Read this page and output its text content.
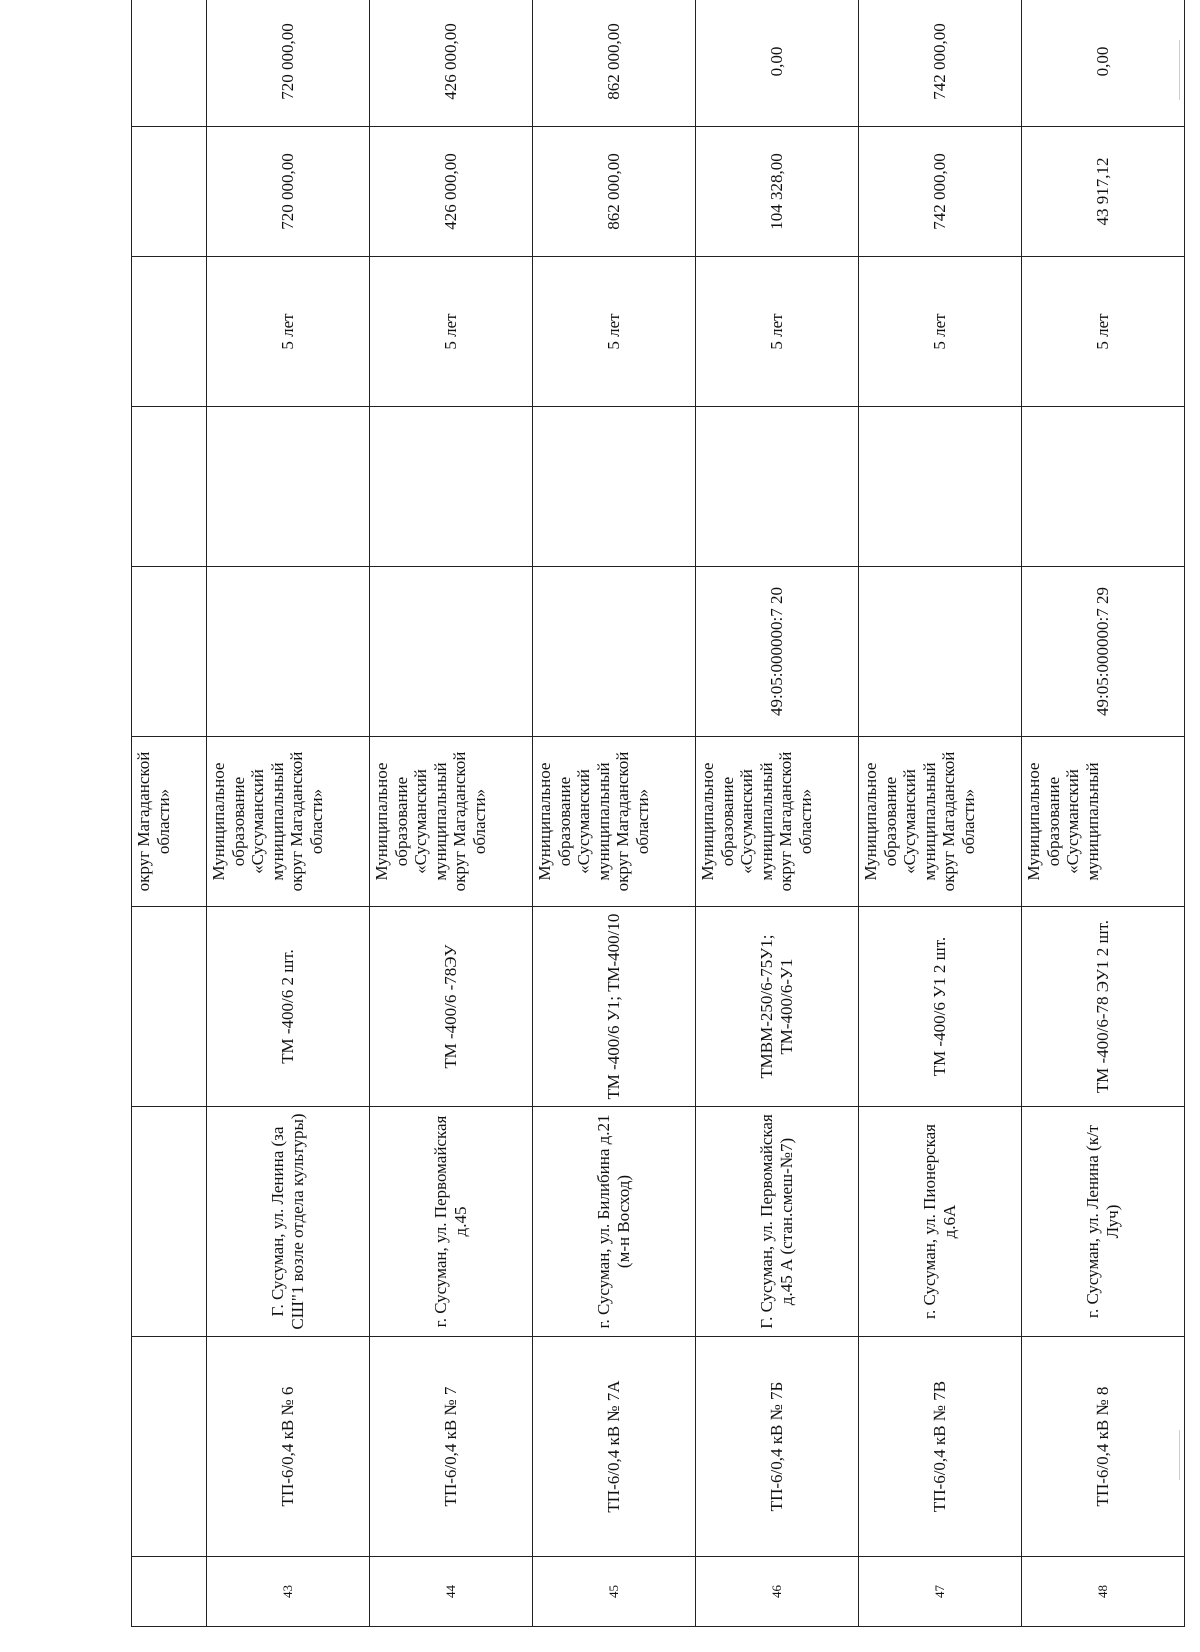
				округ Магаданской области»					
43	ТП-6/0,4 кВ № 6	Г. Сусуман, ул. Ленина (за СШ"1 возле отдела культуры)	ТМ -400/6 2 шт.	Муниципальное образование «Сусуманский муниципальный округ Магаданской области»			5 лет	720 000,00	720 000,00
44	ТП-6/0,4 кВ № 7	г. Сусуман, ул. Первомайская д.45	ТМ -400/6 -78ЭУ	Муниципальное образование «Сусуманский муниципальный округ Магаданской области»			5 лет	426 000,00	426 000,00
45	ТП-6/0,4 кВ № 7А	г. Сусуман, ул. Билибина д.21 (м-н Восход)	ТМ -400/6 У1; ТМ-400/10	Муниципальное образование «Сусуманский муниципальный округ Магаданской области»			5 лет	862 000,00	862 000,00
46	ТП-6/0,4 кВ № 7Б	Г. Сусуман, ул. Первомайская д.45 А (стан.смеш-№7)	ТМВМ-250/6-75У1; ТМ-400/6-У1	Муниципальное образование «Сусуманский муниципальный округ Магаданской области»	49:05:000000:7 20		5 лет	104 328,00	0,00
47	ТП-6/0,4 кВ № 7В	г. Сусуман, ул. Пионерская д.6А	ТМ -400/6 У1 2 шт.	Муниципальное образование «Сусуманский муниципальный округ Магаданской области»			5 лет	742 000,00	742 000,00
48	ТП-6/0,4 кВ № 8	г. Сусуман, ул. Ленина (к/т Луч)	ТМ -400/6-78 ЭУ1 2 шт.	Муниципальное образование «Сусуманский муниципальный	49:05:000000:7 29		5 лет	43 917,12	0,00
